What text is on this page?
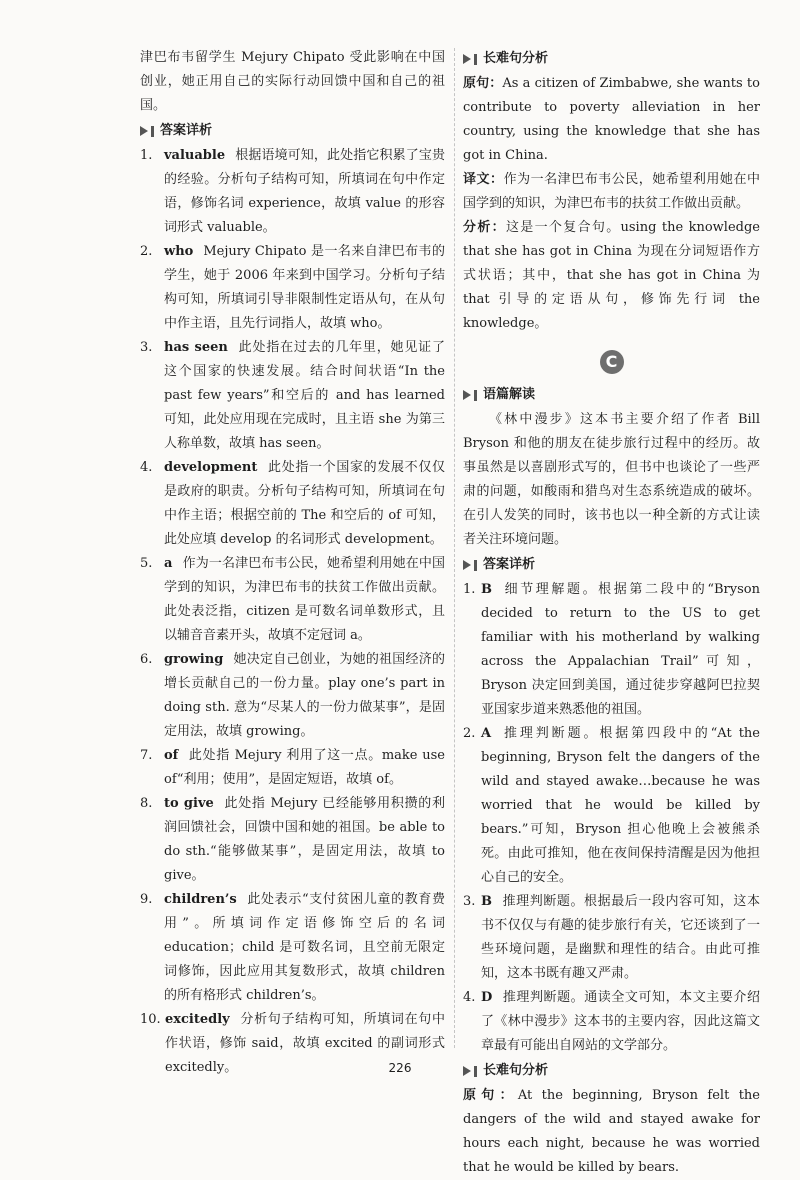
津巴布韦留学生 Mejury Chipato 受此影响在中国创业，她正用自己的实际行动回馈中国和自己的祖国。

答案详析
1. valuable 根据语境可知，此处指它积累了宝贵的经验。分析句子结构可知，所填词在句中作定语，修饰名词 experience，故填 value 的形容词形式 valuable。
2. who Mejury Chipato 是一名来自津巴布韦的学生，她于 2006 年来到中国学习。分析句子结构可知，所填词引导非限制性定语从句，在从句中作主语，且先行词指人，故填 who。
3. has seen 此处指在过去的几年里，她见证了这个国家的快速发展。结合时间状语“In the past few years”和空后的 and has learned 可知，此处应用现在完成时，且主语 she 为第三人称单数，故填 has seen。
4. development 此处指一个国家的发展不仅仅是政府的职责。分析句子结构可知，所填词在句中作主语；根据空前的 The 和空后的 of 可知，此处应填 develop 的名词形式 development。
5. a 作为一名津巴布韦公民，她希望利用她在中国学到的知识，为津巴布韦的扶贫工作做出贡献。此处表泛指，citizen 是可数名词单数形式，且以辅音音素开头，故填不定冠词 a。
6. growing 她决定自己创业，为她的祖国经济的增长贡献自己的一份力量。play one’s part in doing sth. 意为“尽某人的一份力做某事”，是固定用法，故填 growing。
7. of 此处指 Mejury 利用了这一点。make use of“利用；使用”，是固定短语，故填 of。
8. to give 此处指 Mejury 已经能够用积攒的利润回馈社会，回馈中国和她的祖国。be able to do sth.“能够做某事”，是固定用法，故填 to give。
9. children’s 此处表示“支付贫困儿童的教育费用”。所填词作定语修饰空后的名词 education；child 是可数名词，且空前无限定词修饰，因此应用其复数形式，故填 children 的所有格形式 children’s。
10. excitedly 分析句子结构可知，所填词在句中作状语，修饰 said，故填 excited 的副词形式 excitedly。
长难句分析

原句：As a citizen of Zimbabwe, she wants to contribute to poverty alleviation in her country, using the knowledge that she has got in China.

译文：作为一名津巴布韦公民，她希望利用她在中国学到的知识，为津巴布韦的扶贫工作做出贡献。

分析：这是一个复合句。using the knowledge that she has got in China 为现在分词短语作方式状语；其中，that she has got in China 为 that 引导的定语从句，修饰先行词 the knowledge。

C
语篇解读

《林中漫步》这本书主要介绍了作者 Bill Bryson 和他的朋友在徒步旅行过程中的经历。故事虽然是以喜剧形式写的，但书中也谈论了一些严肃的问题，如酸雨和猎鸟对生态系统造成的破坏。在引人发笑的同时，该书也以一种全新的方式让读者关注环境问题。

答案详析
1. B 细节理解题。根据第二段中的“Bryson decided to return to the US to get familiar with his motherland by walking across the Appalachian Trail”可知，Bryson 决定回到美国，通过徒步穿越阿巴拉契亚国家步道来熟悉他的祖国。
2. A 推理判断题。根据第四段中的“At the beginning, Bryson felt the dangers of the wild and stayed awake…because he was worried that he would be killed by bears.”可知，Bryson 担心他晚上会被熊杀死。由此可推知，他在夜间保持清醒是因为他担心自己的安全。
3. B 推理判断题。根据最后一段内容可知，这本书不仅仅与有趣的徒步旅行有关，它还谈到了一些环境问题，是幽默和理性的结合。由此可推知，这本书既有趣又严肃。
4. D 推理判断题。通读全文可知，本文主要介绍了《林中漫步》这本书的主要内容，因此这篇文章最有可能出自网站的文学部分。
长难句分析

原句：At the beginning, Bryson felt the dangers of the wild and stayed awake for hours each night, because he was worried that he would be killed by bears.

226
